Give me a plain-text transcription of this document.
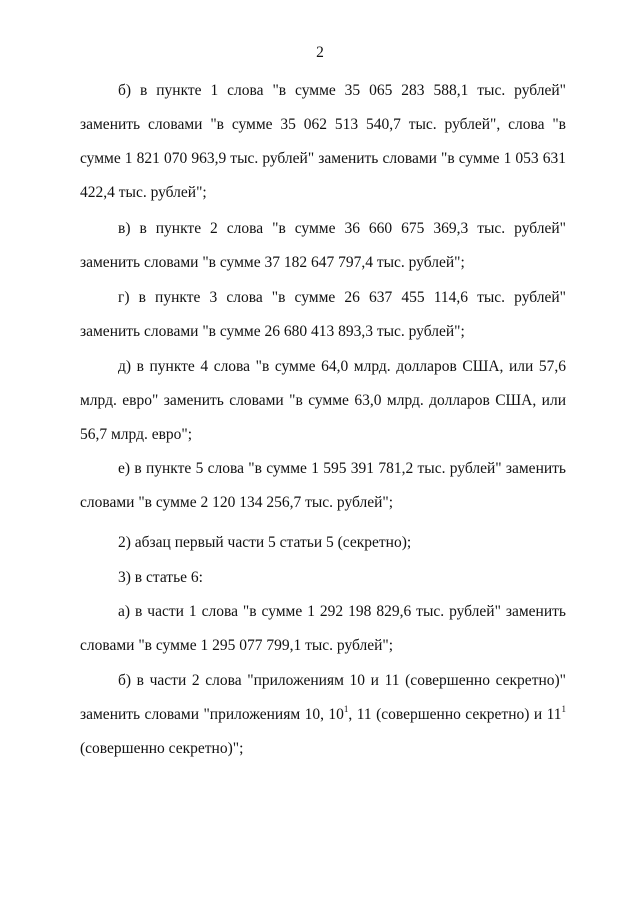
2
б) в пункте 1 слова "в сумме 35 065 283 588,1 тыс. рублей" заменить словами "в сумме 35 062 513 540,7 тыс. рублей", слова "в сумме 1 821 070 963,9 тыс. рублей" заменить словами "в сумме 1 053 631 422,4 тыс. рублей";
в) в пункте 2 слова "в сумме 36 660 675 369,3 тыс. рублей" заменить словами "в сумме 37 182 647 797,4 тыс. рублей";
г) в пункте 3 слова "в сумме 26 637 455 114,6 тыс. рублей" заменить словами "в сумме 26 680 413 893,3 тыс. рублей";
д) в пункте 4 слова "в сумме 64,0 млрд. долларов США, или 57,6 млрд. евро" заменить словами "в сумме 63,0 млрд. долларов США, или 56,7 млрд. евро";
е) в пункте 5 слова "в сумме 1 595 391 781,2 тыс. рублей" заменить словами "в сумме 2 120 134 256,7 тыс. рублей";
2) абзац первый части 5 статьи 5 (секретно);
3) в статье 6:
а) в части 1 слова "в сумме 1 292 198 829,6 тыс. рублей" заменить словами "в сумме 1 295 077 799,1 тыс. рублей";
б) в части 2 слова "приложениям 10 и 11 (совершенно секретно)" заменить словами "приложениям 10, $10^1$, 11 (совершенно секретно) и $11^1$ (совершенно секретно)";
